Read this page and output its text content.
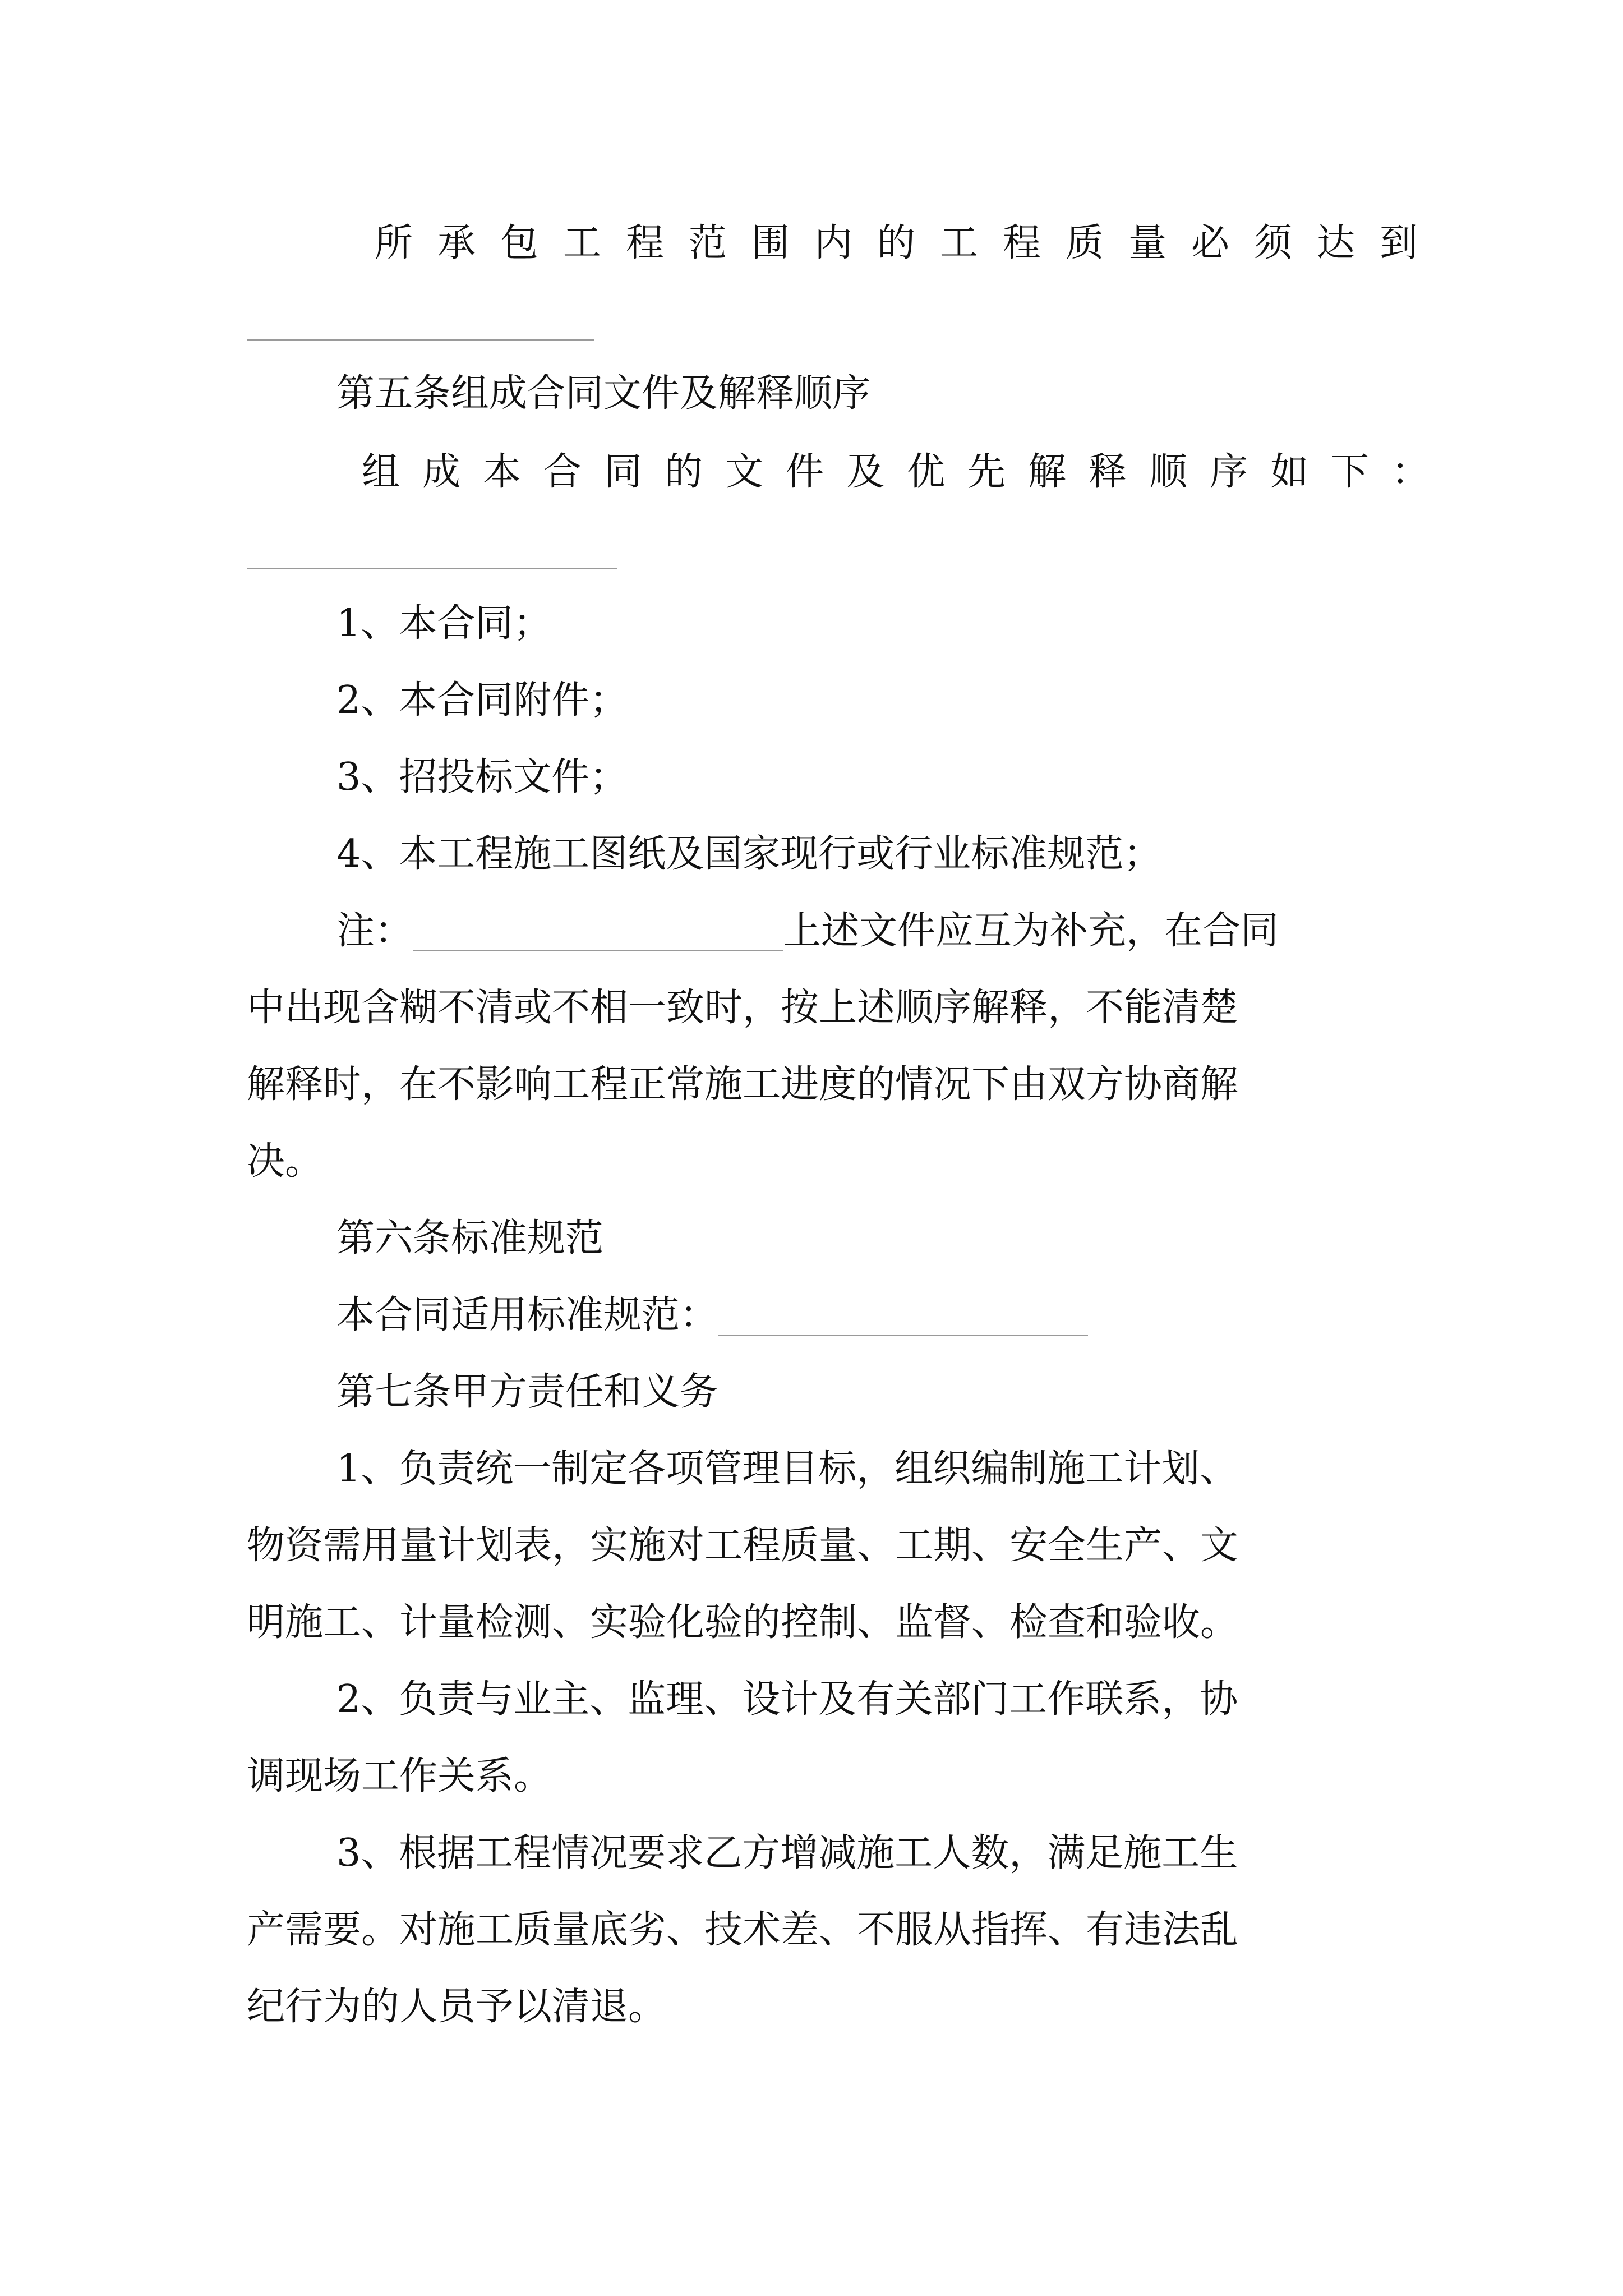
所承包工程范围内的工程质量必须达到
第五条组成合同文件及解释顺序
组成本合同的文件及优先解释顺序如下：
1、本合同；
2、本合同附件；
3、招投标文件；
4、本工程施工图纸及国家现行或行业标准规范；
注：	上述文件应互为补充，在合同
中出现含糊不清或不相一致时，按上述顺序解释，不能清楚
解释时，在不影响工程正常施工进度的情况下由双方协商解
决。
第六条标准规范
本合同适用标准规范：
第七条甲方责任和义务
1、负责统一制定各项管理目标，组织编制施工计划、
物资需用量计划表，实施对工程质量、工期、安全生产、文
明施工、计量检测、实验化验的控制、监督、检查和验收。
2、负责与业主、监理、设计及有关部门工作联系，协
调现场工作关系。
3、根据工程情况要求乙方增减施工人数，满足施工生
产需要。对施工质量底劣、技术差、不服从指挥、有违法乱
纪行为的人员予以清退。
